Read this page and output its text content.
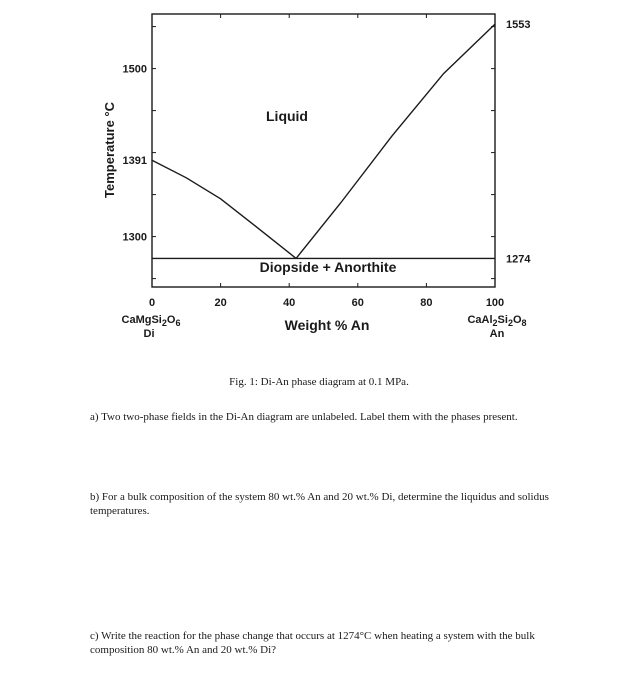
1300
1391
1500
0	20	40	60	80	100
1553
1274
Temperature °C	Liquid
Diopside + Anorthite
Weight % An
$CaMgSi_2O_6$
Di
$CaAl_2Si_2O_8$
An
Fig. 1: Di-An phase diagram at 0.1 MPa.
a) Two two-phase fields in the Di-An diagram are unlabeled. Label them with the phases present.
b) For a bulk composition of the system 80 wt.% An and 20 wt.% Di, determine the liquidus and solidus temperatures.
c) Write the reaction for the phase change that occurs at 1274°C when heating a system with the bulk composition 80 wt.% An and 20 wt.% Di?
